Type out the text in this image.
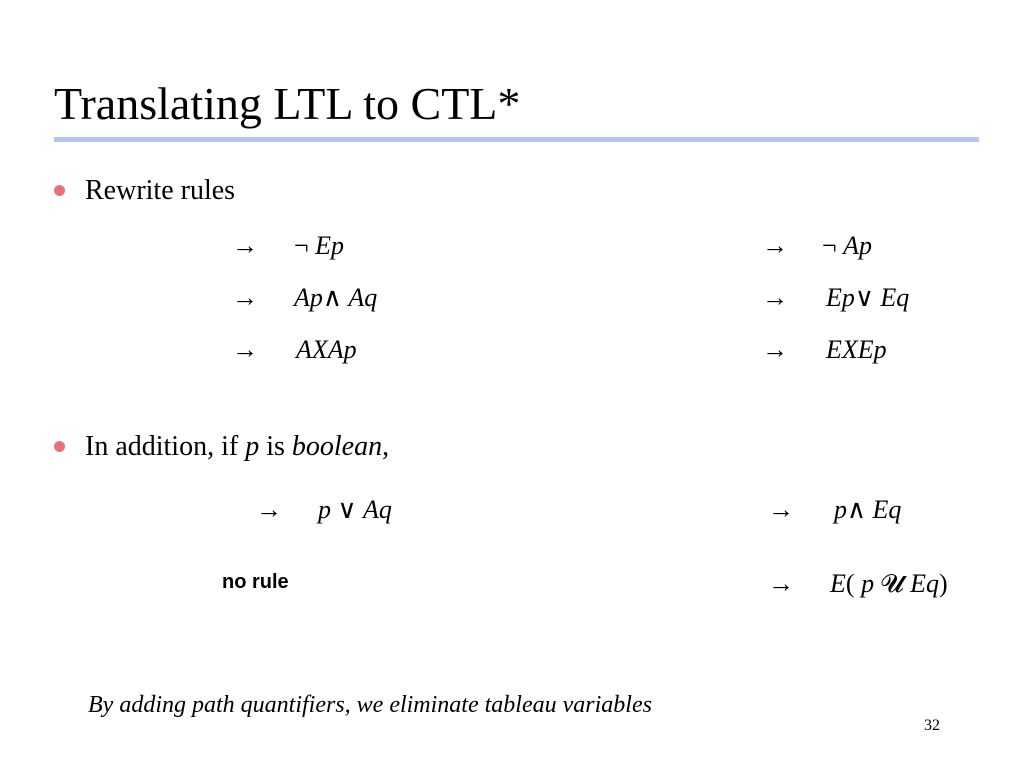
Translating LTL to CTL*
Rewrite rules
→ ¬ Ep	→ ¬ Ap
→ Ap∧ Aq	→ Ep∨ Eq
→ AXAp	→ EXEp
In addition, if p is boolean,
→ p ∨ Aq	→ p∧ Eq
no rule	→ E( p 𝓤 Eq)
By adding path quantifiers, we eliminate tableau variables
32
